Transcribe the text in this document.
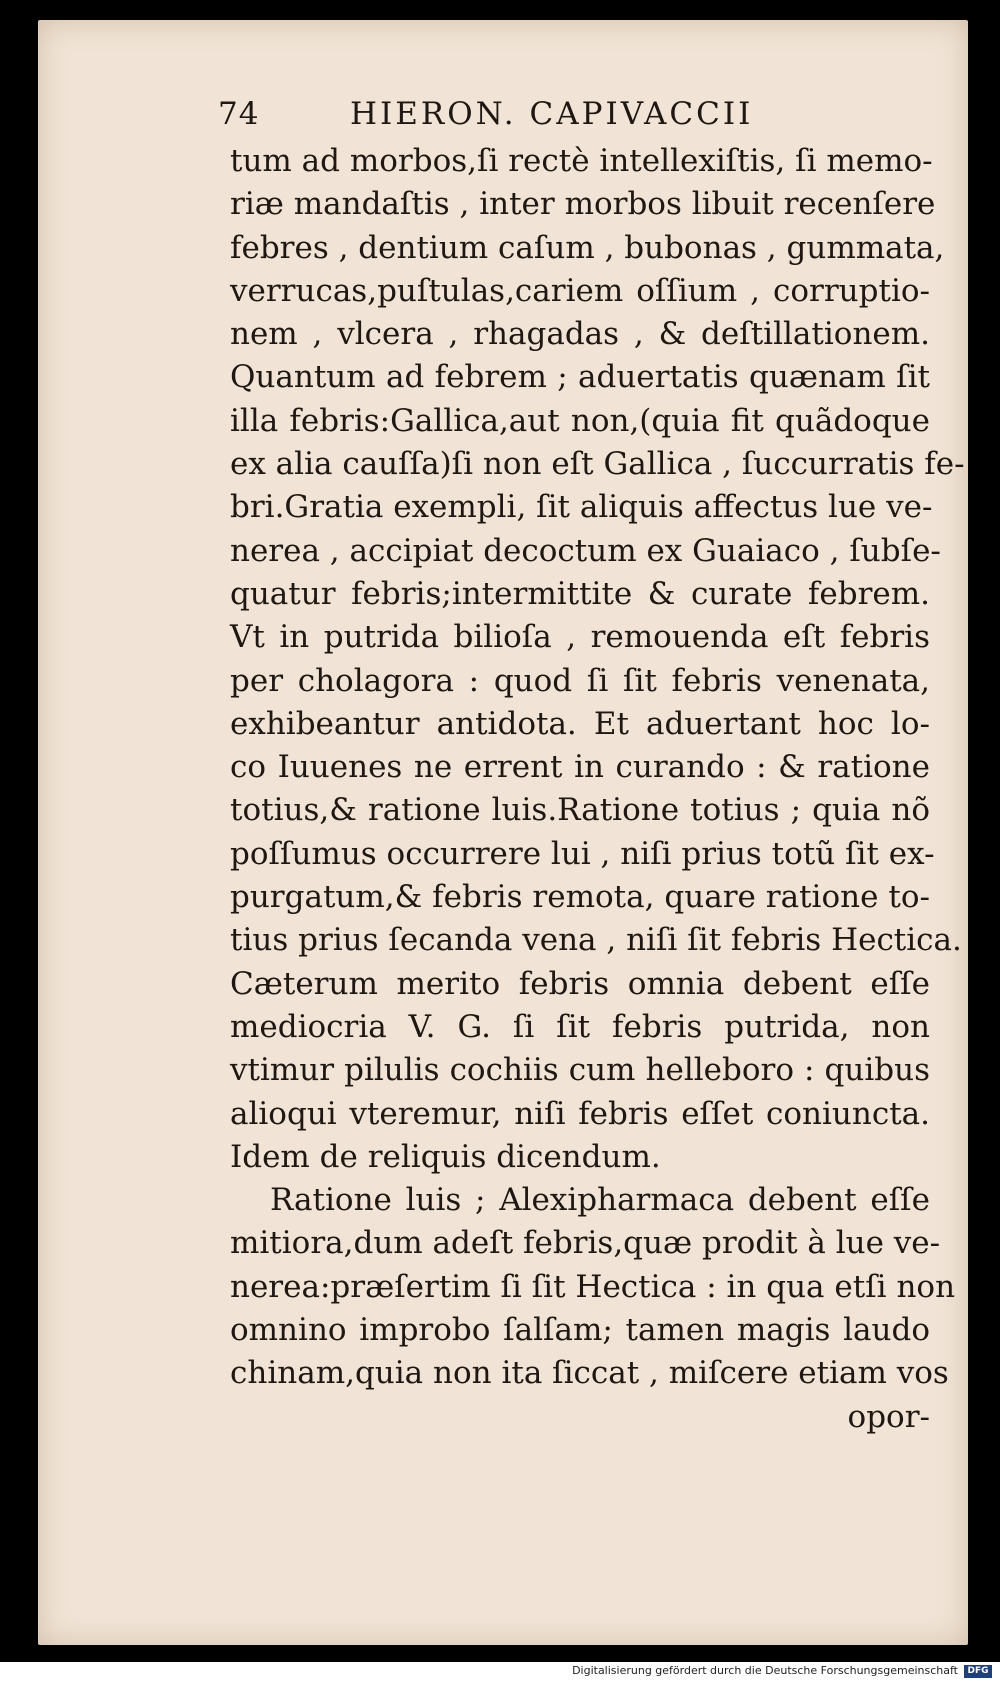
74	HIERON. CAPIVACCII
tum ad morbos,ſi rectè intellexiſtis, ſi memo-
riæ mandaſtis , inter morbos libuit recenſere
febres , dentium caſum , bubonas , gummata,
verrucas,puſtulas,cariem oſſium , corruptio-
nem , vlcera , rhagadas , & deſtillationem.
Quantum ad febrem ; aduertatis quænam ſit
illa febris:Gallica,aut non,(quia fit quãdoque
ex alia cauſſa)ſi non eſt Gallica , ſuccurratis fe-
bri.Gratia exempli, ſit aliquis affectus lue ve-
nerea , accipiat decoctum ex Guaiaco , ſubſe-
quatur febris;intermittite & curate febrem.
Vt in putrida bilioſa , remouenda eſt febris
per cholagora : quod ſi ſit febris venenata,
exhibeantur antidota. Et aduertant hoc lo-
co Iuuenes ne errent in curando : & ratione
totius,& ratione luis.Ratione totius ; quia nõ
poſſumus occurrere lui , niſi prius totũ ſit ex-
purgatum,& febris remota, quare ratione to-
tius prius ſecanda vena , niſi ſit febris Hectica.
Cæterum merito febris omnia debent eſſe
mediocria V. G. ſi ſit febris putrida, non
vtimur pilulis cochiis cum helleboro : quibus
alioqui vteremur, niſi febris eſſet coniuncta.
Idem de reliquis dicendum.
Ratione luis ; Alexipharmaca debent eſſe
mitiora,dum adeſt febris,quæ prodit à lue ve-
nerea:præſertim ſi ſit Hectica : in qua etſi non
omnino improbo ſalſam; tamen magis laudo
chinam,quia non ita ſiccat , miſcere etiam vos
opor-
Digitalisierung gefördert durch die Deutsche Forschungsgemeinschaft	DFG
